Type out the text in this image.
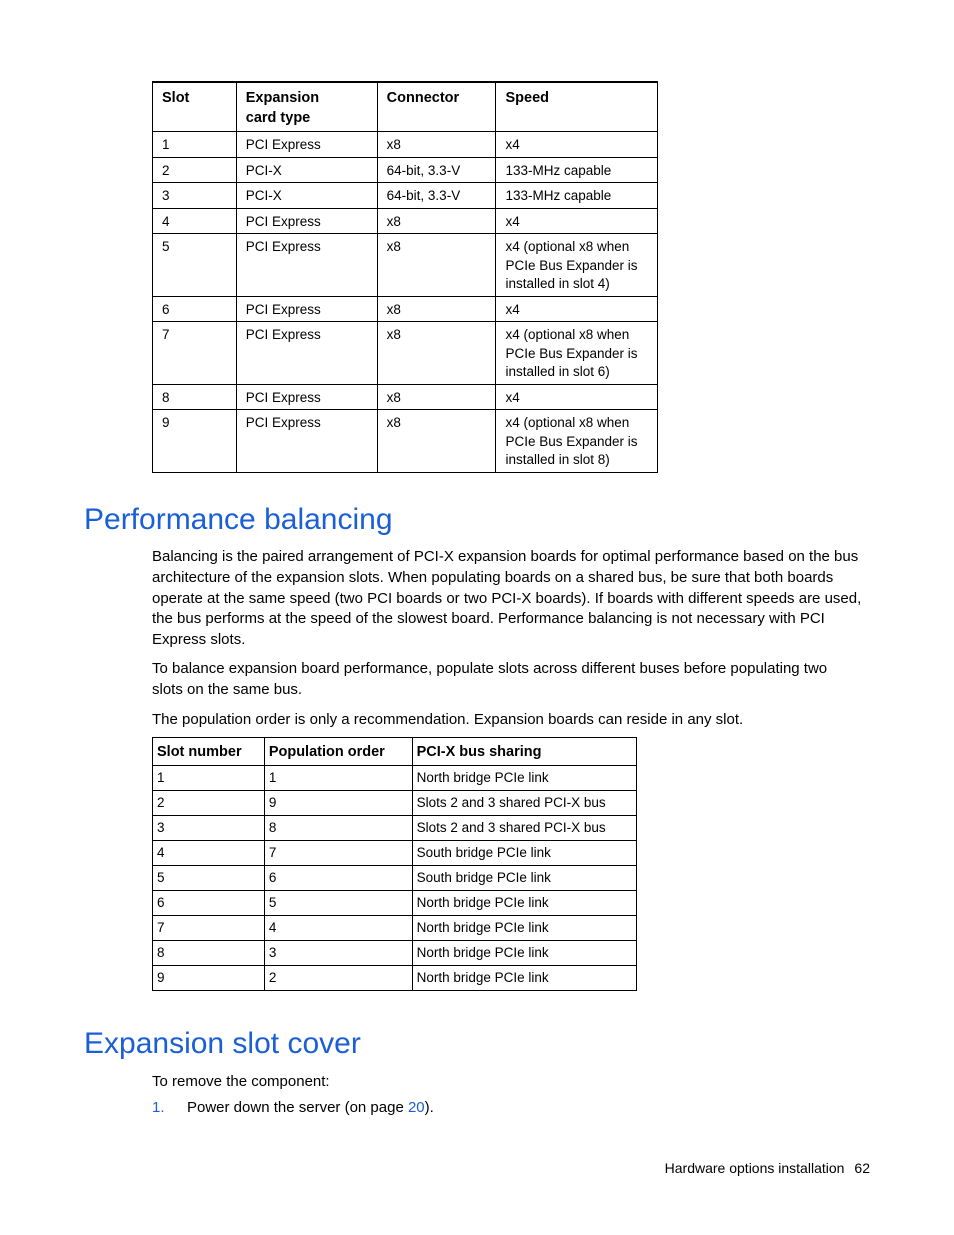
Slot	Expansion card type	Connector	Speed
1	PCI Express	x8	x4
2	PCI-X	64-bit, 3.3-V	133-MHz capable
3	PCI-X	64-bit, 3.3-V	133-MHz capable
4	PCI Express	x8	x4
5	PCI Express	x8	x4 (optional x8 when PCIe Bus Expander is installed in slot 4)
6	PCI Express	x8	x4
7	PCI Express	x8	x4 (optional x8 when PCIe Bus Expander is installed in slot 6)
8	PCI Express	x8	x4
9	PCI Express	x8	x4 (optional x8 when PCIe Bus Expander is installed in slot 8)
Performance balancing

Balancing is the paired arrangement of PCI-X expansion boards for optimal performance based on the bus architecture of the expansion slots. When populating boards on a shared bus, be sure that both boards operate at the same speed (two PCI boards or two PCI-X boards). If boards with different speeds are used, the bus performs at the speed of the slowest board. Performance balancing is not necessary with PCI Express slots.

To balance expansion board performance, populate slots across different buses before populating two slots on the same bus.

The population order is only a recommendation. Expansion boards can reside in any slot.

Slot number	Population order	PCI-X bus sharing
1	1	North bridge PCIe link
2	9	Slots 2 and 3 shared PCI-X bus
3	8	Slots 2 and 3 shared PCI-X bus
4	7	South bridge PCIe link
5	6	South bridge PCIe link
6	5	North bridge PCIe link
7	4	North bridge PCIe link
8	3	North bridge PCIe link
9	2	North bridge PCIe link
Expansion slot cover

To remove the component:

1. Power down the server (on page 20).
Hardware options installation 62
